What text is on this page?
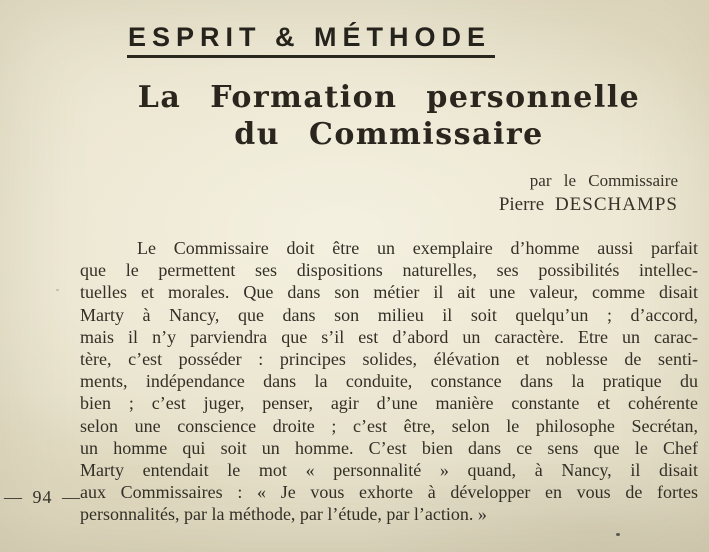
ESPRIT & MÉTHODE
La Formation personnelle
du Commissaire
par le Commissaire
Pierre DESCHAMPS
Le Commissaire doit être un exemplaire d’homme aussi parfait
que le permettent ses dispositions naturelles, ses possibilités intellec-
tuelles et morales. Que dans son métier il ait une valeur, comme disait
Marty à Nancy, que dans son milieu il soit quelqu’un ; d’accord,
mais il n’y parviendra que s’il est d’abord un caractère. Etre un carac-
tère, c’est posséder : principes solides, élévation et noblesse de senti-
ments, indépendance dans la conduite, constance dans la pratique du
bien ; c’est juger, penser, agir d’une manière constante et cohérente
selon une conscience droite ; c’est être, selon le philosophe Secrétan,
un homme qui soit un homme. C’est bien dans ce sens que le Chef
Marty entendait le mot « personnalité » quand, à Nancy, il disait
aux Commissaires : « Je vous exhorte à développer en vous de fortes
personnalités, par la méthode, par l’étude, par l’action. »
— 94 —
